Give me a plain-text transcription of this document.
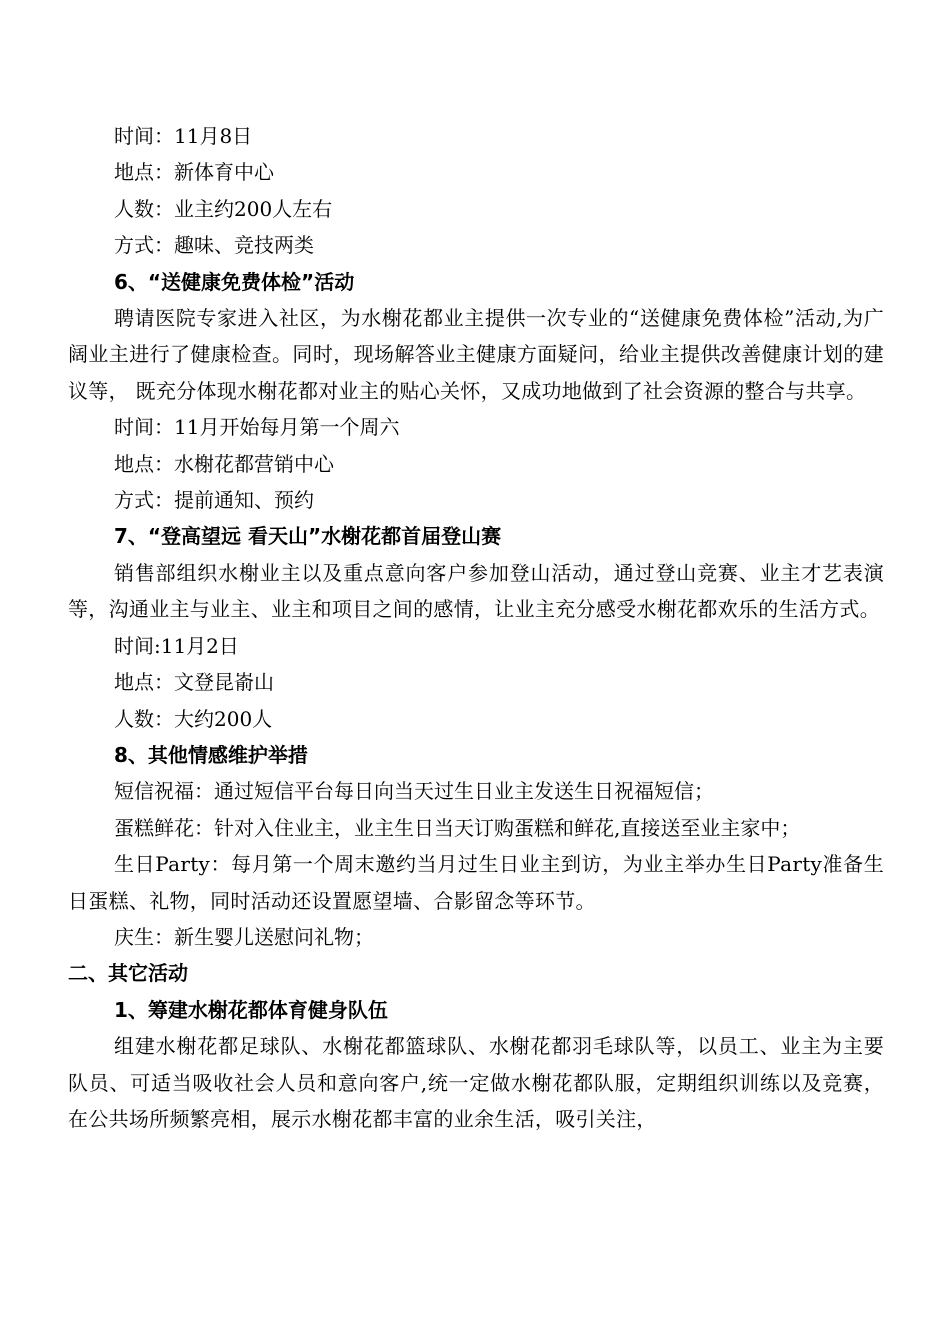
时间：11月8日
地点：新体育中心
人数：业主约200人左右
方式：趣味、竞技两类
6、“送健康免费体检”活动

聘请医院专家进入社区，为水榭花都业主提供一次专业的“送健康免费体检”活动,为广阔业主进行了健康检查。同时，现场解答业主健康方面疑问，给业主提供改善健康计划的建议等， 既充分体现水榭花都对业主的贴心关怀，又成功地做到了社会资源的整合与共享。

时间：11月开始每月第一个周六
地点：水榭花都营销中心
方式：提前通知、预约
7、“登高望远 看天山”水榭花都首届登山赛

销售部组织水榭业主以及重点意向客户参加登山活动，通过登山竞赛、业主才艺表演等，沟通业主与业主、业主和项目之间的感情，让业主充分感受水榭花都欢乐的生活方式。

时间:11月2日
地点：文登昆嵛山
人数：大约200人
8、其他情感维护举措
短信祝福：通过短信平台每日向当天过生日业主发送生日祝福短信；
蛋糕鲜花：针对入住业主，业主生日当天订购蛋糕和鲜花,直接送至业主家中；

生日Party：每月第一个周末邀约当月过生日业主到访，为业主举办生日Party准备生日蛋糕、礼物，同时活动还设置愿望墙、合影留念等环节。

庆生：新生婴儿送慰问礼物；
二、其它活动
1、筹建水榭花都体育健身队伍

组建水榭花都足球队、水榭花都篮球队、水榭花都羽毛球队等，以员工、业主为主要队员、可适当吸收社会人员和意向客户,统一定做水榭花都队服，定期组织训练以及竞赛，在公共场所频繁亮相，展示水榭花都丰富的业余生活，吸引关注，
